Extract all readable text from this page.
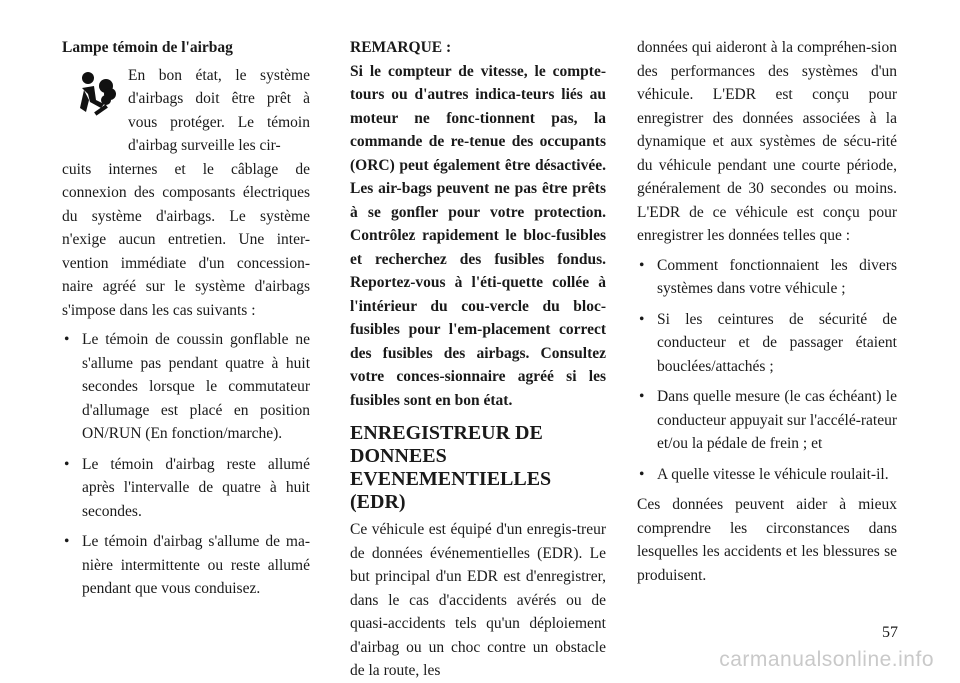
Lampe témoin de l'airbag

En bon état, le système d'airbags doit être prêt à vous protéger. Le témoin d'airbag surveille les cir-

cuits internes et le câblage de connexion des composants électriques du système d'airbags. Le système n'exige aucun entretien. Une inter-vention immédiate d'un concession-naire agréé sur le système d'airbags s'impose dans les cas suivants :

• Le témoin de coussin gonflable ne s'allume pas pendant quatre à huit secondes lorsque le commutateur d'allumage est placé en position ON/RUN (En fonction/marche).
• Le témoin d'airbag reste allumé après l'intervalle de quatre à huit secondes.
• Le témoin d'airbag s'allume de ma-nière intermittente ou reste allumé pendant que vous conduisez.

REMARQUE :

Si le compteur de vitesse, le compte-tours ou d'autres indica-teurs liés au moteur ne fonc-tionnent pas, la commande de re-tenue des occupants (ORC) peut également être désactivée. Les air-bags peuvent ne pas être prêts à se gonfler pour votre protection. Contrôlez rapidement le bloc-fusibles et recherchez des fusibles fondus. Reportez-vous à l'éti-quette collée à l'intérieur du cou-vercle du bloc-fusibles pour l'em-placement correct des fusibles des airbags. Consultez votre conces-sionnaire agréé si les fusibles sont en bon état.

ENREGISTREUR DE DONNEES EVENEMENTIELLES (EDR)

Ce véhicule est équipé d'un enregis-treur de données événementielles (EDR). Le but principal d'un EDR est d'enregistrer, dans le cas d'accidents avérés ou de quasi-accidents tels qu'un déploiement d'airbag ou un choc contre un obstacle de la route, les

données qui aideront à la compréhen-sion des performances des systèmes d'un véhicule. L'EDR est conçu pour enregistrer des données associées à la dynamique et aux systèmes de sécu-rité du véhicule pendant une courte période, généralement de 30 secondes ou moins. L'EDR de ce véhicule est conçu pour enregistrer les données telles que :

• Comment fonctionnaient les divers systèmes dans votre véhicule ;
• Si les ceintures de sécurité de conducteur et de passager étaient bouclées/attachés ;
• Dans quelle mesure (le cas échéant) le conducteur appuyait sur l'accélé-rateur et/ou la pédale de frein ; et
• A quelle vitesse le véhicule roulait-il.

Ces données peuvent aider à mieux comprendre les circonstances dans lesquelles les accidents et les blessures se produisent.

57
carmanualsonline.info
